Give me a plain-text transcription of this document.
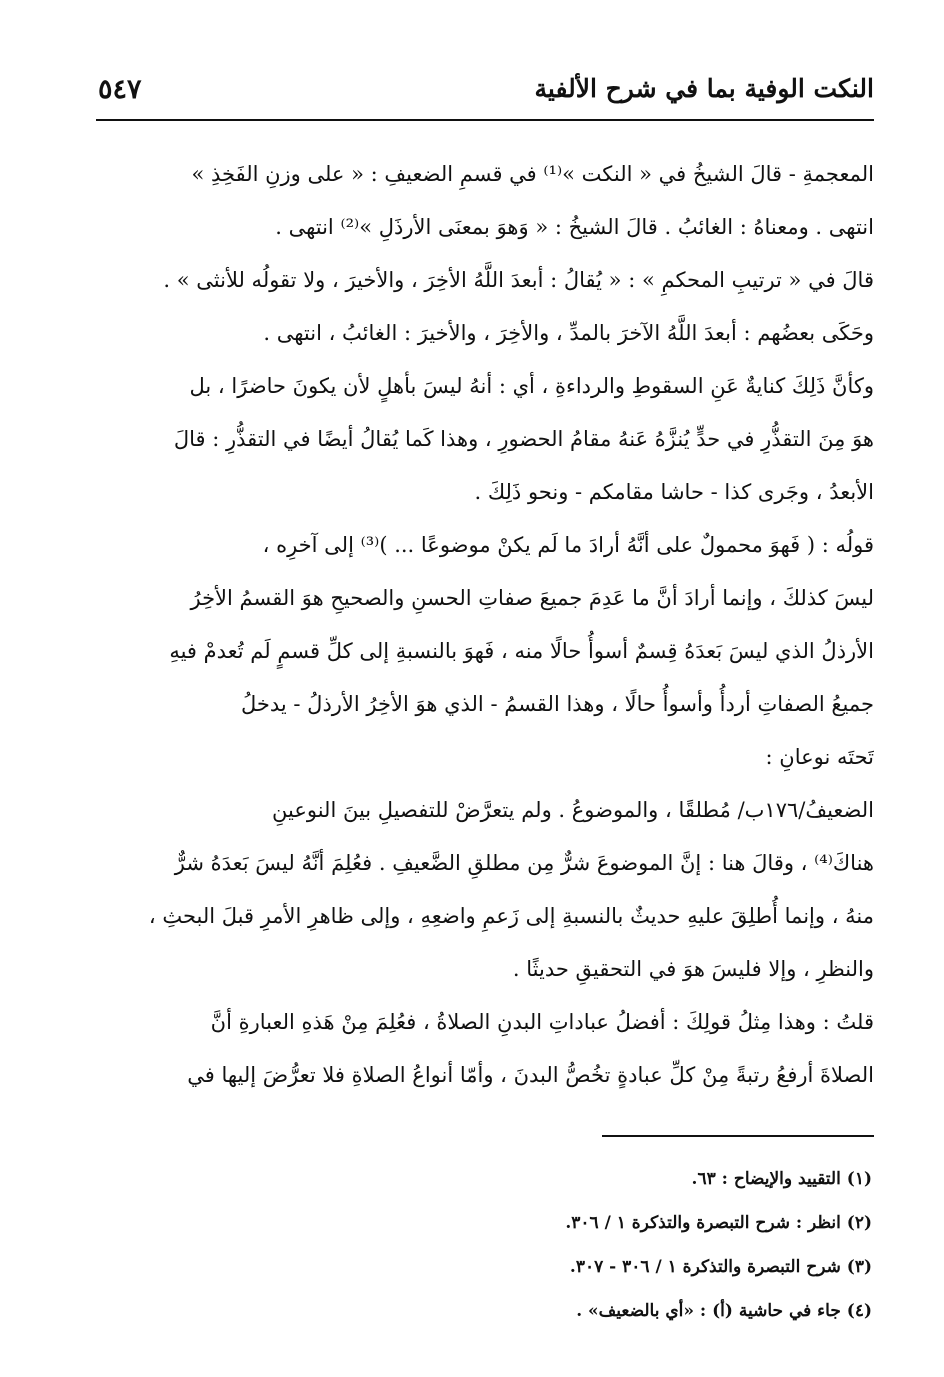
النكت الوفية بما في شرح الألفية
٥٤٧
المعجمةِ - قالَ الشيخُ في « النكت »⁽¹⁾ في قسمِ الضعيفِ : « على وزنِ الفَخِذِ »
انتهى . ومعناهُ : الغائبُ . قالَ الشيخُ : « وَهوَ بمعنَى الأرذَلِ »⁽²⁾ انتهى .
قالَ في « ترتيبِ المحكمِ » : « يُقالُ : أبعدَ اللَّهُ الأخِرَ ، والأخيرَ ، ولا تقولُه للأنثى » .
وحَكَى بعضُهم : أبعدَ اللَّهُ الآخرَ بالمدِّ ، والأخِرَ ، والأخيرَ : الغائبُ ، انتهى .
وكأنَّ ذَلِكَ كنايةٌ عَنِ السقوطِ والرداءةِ ، أي : أنهُ ليسَ بأهلٍ لأن يكونَ حاضرًا ، بل
هوَ مِنَ التقذُّرِ في حدٍّ يُنزَّهُ عَنهُ مقامُ الحضورِ ، وهذا كَما يُقالُ أيضًا في التقذُّرِ : قالَ
الأبعدُ ، وجَرى كذا - حاشا مقامكم - ونحو ذَلِكَ .
قولُه : ( فَهوَ محمولٌ على أنَّهُ أرادَ ما لَم يكنْ موضوعًا ... )⁽³⁾ إلى آخرِه ،
ليسَ كذلكَ ، وإنما أرادَ أنَّ ما عَدِمَ جميعَ صفاتِ الحسنِ والصحيحِ هوَ القسمُ الأخِرُ
الأرذلُ الذي ليسَ بَعدَهُ قِسمٌ أسوأُ حالًا منه ، فَهوَ بالنسبةِ إلى كلِّ قسمٍ لَم تُعدمْ فيهِ
جميعُ الصفاتِ أردأُ وأسوأُ حالًا ، وهذا القسمُ - الذي هوَ الأخِرُ الأرذلُ - يدخلُ
تَحتَه نوعانِ :
الضعيفُ/١٧٦ب/ مُطلقًا ، والموضوعُ . ولم يتعرَّضْ للتفصيلِ بينَ النوعينِ
هناكَ⁽⁴⁾ ، وقالَ هنا : إنَّ الموضوعَ شرٌّ مِن مطلقِ الضَّعيفِ . فعُلِمَ أنَّهُ ليسَ بَعدَهُ شرٌّ
منهُ ، وإنما أُطلِقَ عليهِ حديثٌ بالنسبةِ إلى زَعمِ واضعِهِ ، وإلى ظاهرِ الأمرِ قبلَ البحثِ ،
والنظرِ ، وإلا فليسَ هوَ في التحقيقِ حديثًا .
قلتُ : وهذا مِثلُ قولِكَ : أفضلُ عباداتِ البدنِ الصلاةُ ، فعُلِمَ مِنْ هَذهِ العبارةِ أنَّ
الصلاةَ أرفعُ رتبةً مِنْ كلِّ عبادةٍ تخُصُّ البدنَ ، وأمّا أنواعُ الصلاةِ فلا تعرُّضَ إليها في
(١) التقييد والإيضاح : ٦٣.
(٢) انظر : شرح التبصرة والتذكرة ١ / ٣٠٦.
(٣) شرح التبصرة والتذكرة ١ / ٣٠٦ - ٣٠٧.
(٤) جاء في حاشية (أ) : «أي بالضعيف» .
